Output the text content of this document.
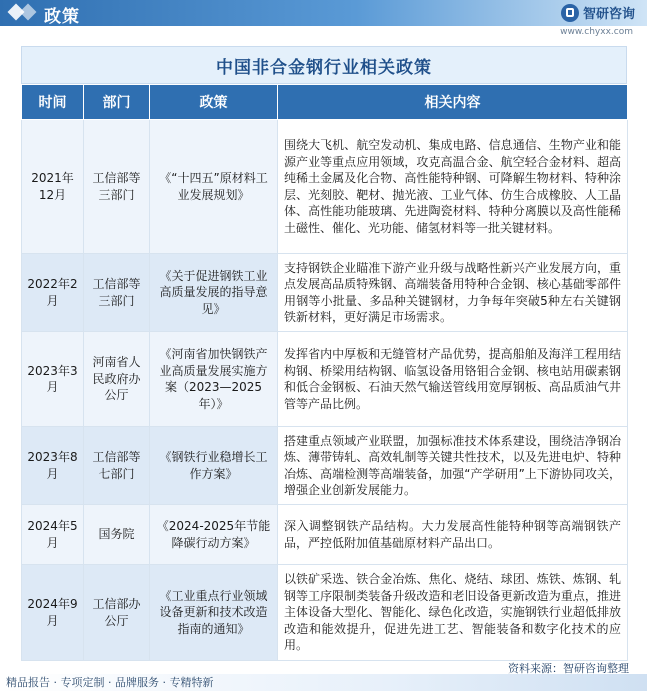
政策	智研咨询
www.chyxx.com
中国非合金钢行业相关政策
时间	部门	政策	相关内容
2021年12月	工信部等三部门	《“十四五”原材料工业发展规划》	围绕大飞机、航空发动机、集成电路、信息通信、生物产业和能源产业等重点应用领域，攻克高温合金、航空轻合金材料、超高纯稀土金属及化合物、高性能特种钢、可降解生物材料、特种涂层、光刻胶、靶材、抛光液、工业气体、仿生合成橡胶、人工晶体、高性能功能玻璃、先进陶瓷材料、特种分离膜以及高性能稀土磁性、催化、光功能、储氢材料等一批关键材料。
2022年2月	工信部等三部门	《关于促进钢铁工业高质量发展的指导意见》	支持钢铁企业瞄准下游产业升级与战略性新兴产业发展方向，重点发展高品质特殊钢、高端装备用特种合金钢、核心基础零部件用钢等小批量、多品种关键钢材，力争每年突破5种左右关键钢铁新材料，更好满足市场需求。
2023年3月	河南省人民政府办公厅	《河南省加快钢铁产业高质量发展实施方案（2023—2025年）》	发挥省内中厚板和无缝管材产品优势，提高船舶及海洋工程用结构钢、桥梁用结构钢、临氢设备用铬钼合金钢、核电站用碳素钢和低合金钢板、石油天然气输送管线用宽厚钢板、高品质油气井管等产品比例。
2023年8月	工信部等七部门	《钢铁行业稳增长工作方案》	搭建重点领域产业联盟，加强标准技术体系建设，围绕洁净钢冶炼、薄带铸轧、高效轧制等关键共性技术，以及先进电炉、特种冶炼、高端检测等高端装备，加强“产学研用”上下游协同攻关，增强企业创新发展能力。
2024年5月	国务院	《2024-2025年节能降碳行动方案》	深入调整钢铁产品结构。大力发展高性能特种钢等高端钢铁产品，严控低附加值基础原材料产品出口。
2024年9月	工信部办公厅	《工业重点行业领域设备更新和技术改造指南的通知》	以铁矿采选、铁合金冶炼、焦化、烧结、球团、炼铁、炼钢、轧钢等工序限制类装备升级改造和老旧设备更新改造为重点，推进主体设备大型化、智能化、绿色化改造，实施钢铁行业超低排放改造和能效提升，促进先进工艺、智能装备和数字化技术的应用。
精品报告 · 专项定制 · 品牌服务 · 专精特新
资料来源：智研咨询整理
